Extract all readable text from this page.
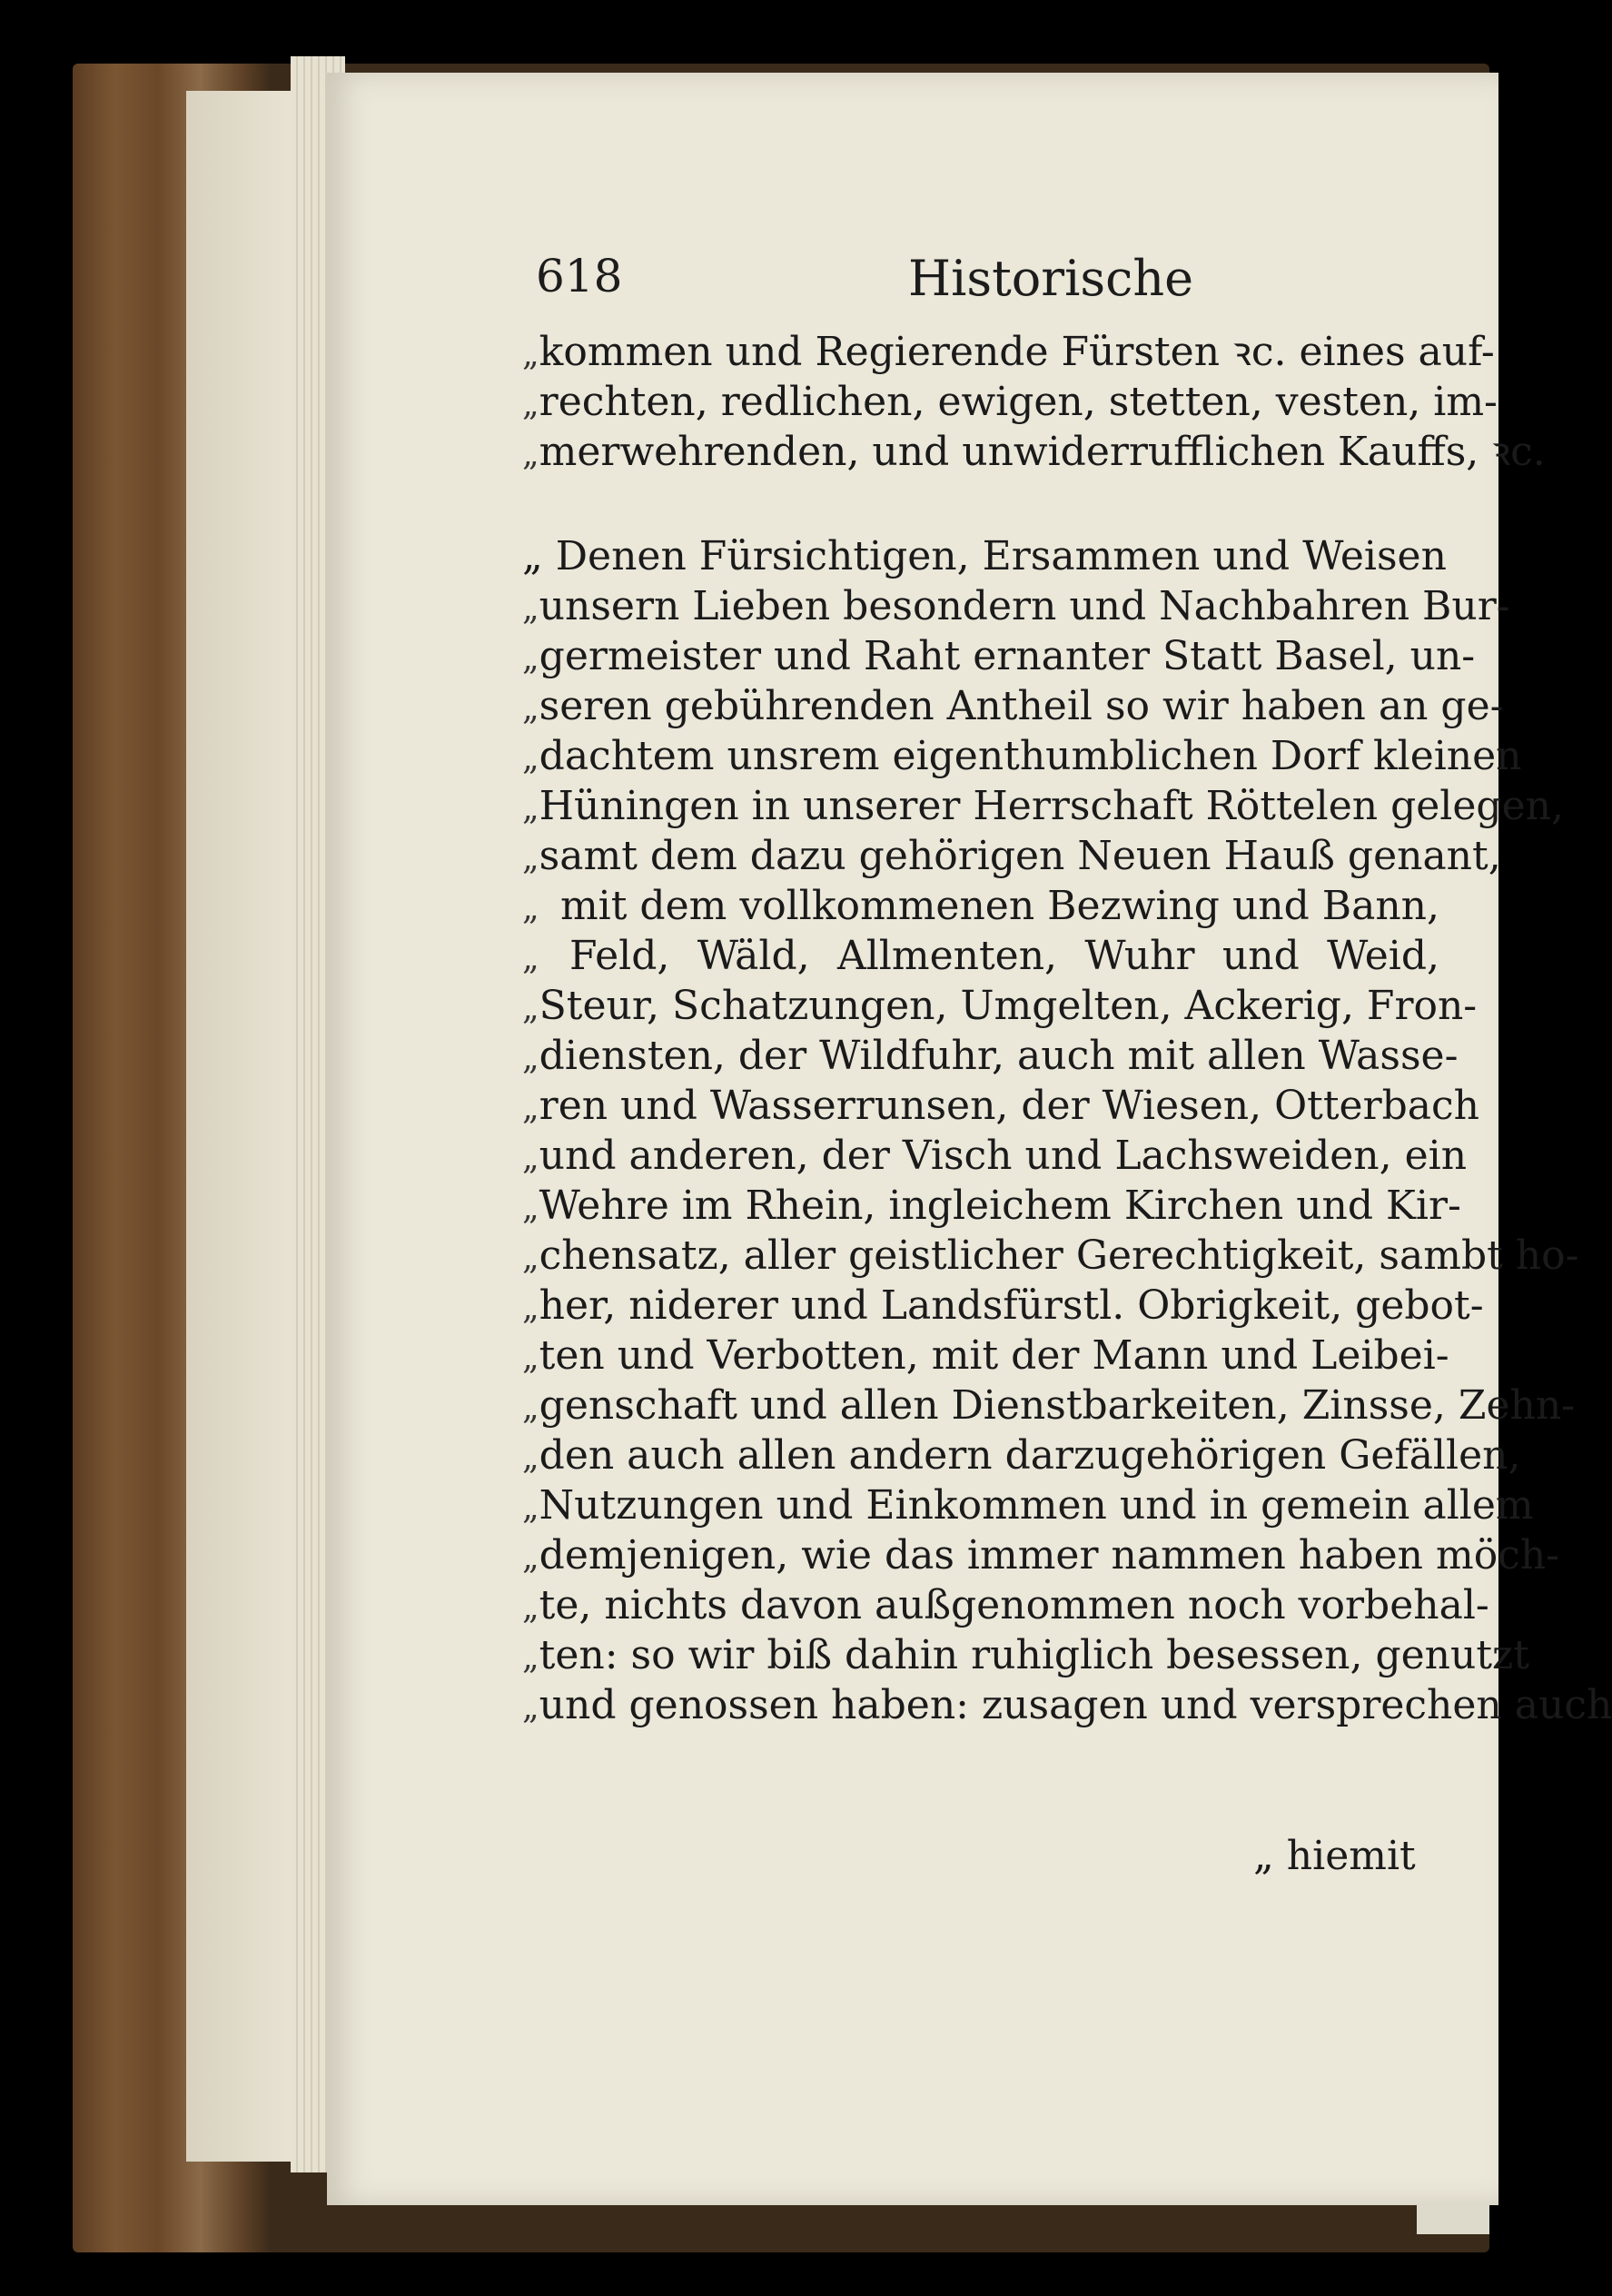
618	Historische
„ kommen und Regierende Fürsten ꝛc. eines auf-
„ rechten, redlichen, ewigen, stetten, vesten, im-
„ merwehrenden, und unwiderrufflichen Kauffs, ꝛc.
„ Denen Fürsichtigen, Ersammen und Weisen
„ unsern Lieben besondern und Nachbahren Bur-
„ germeister und Raht ernanter Statt Basel, un-
„ seren gebührenden Antheil so wir haben an ge-
„ dachtem unsrem eigenthumblichen Dorf kleinen
„ Hüningen in unserer Herrschaft Röttelen gelegen,
„ samt dem dazu gehörigen Neuen Hauß genant,
„ mit dem vollkommenen Bezwing und Bann,
„ Feld, Wäld, Allmenten, Wuhr und Weid,
„ Steur, Schatzungen, Umgelten, Ackerig, Fron-
„ diensten, der Wildfuhr, auch mit allen Wasse-
„ ren und Wasserrunsen, der Wiesen, Otterbach
„ und anderen, der Visch und Lachsweiden, ein
„ Wehre im Rhein, ingleichem Kirchen und Kir-
„ chensatz, aller geistlicher Gerechtigkeit, sambt ho-
„ her, niderer und Landsfürstl. Obrigkeit, gebot-
„ ten und Verbotten, mit der Mann und Leibei-
„ genschaft und allen Dienstbarkeiten, Zinsse, Zehn-
„ den auch allen andern darzugehörigen Gefällen,
„ Nutzungen und Einkommen und in gemein allem
„ demjenigen, wie das immer nammen haben möch-
„ te, nichts davon außgenommen noch vorbehal-
„ ten: so wir biß dahin ruhiglich besessen, genutzt
„ und genossen haben: zusagen und versprechen auch
„ hiemit
